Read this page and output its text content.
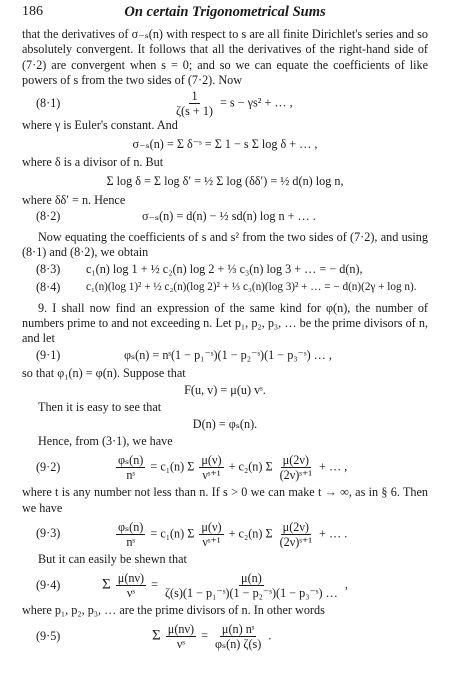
186	On certain Trigonometrical Sums

that the derivatives of σ₋ₛ(n) with respect to s are all finite Dirichlet's series and so absolutely convergent. It follows that all the derivatives of the right-hand side of (7·2) are convergent when s = 0; and so we can equate the coefficients of like powers of s from the two sides of (7·2). Now

(8·1)	$\frac{1}{\zeta(s + 1)} = s - \gamma s^2$ + … ,

where γ is Euler's constant. And

σ₋ₛ(n) = Σ δ⁻ˢ = Σ 1 − s Σ log δ + … ,

where δ is a divisor of n. But

Σ log δ = Σ log δ′ = ½ Σ log (δδ′) = ½ d(n) log n,

where δδ′ = n. Hence

(8·2)	σ₋ₛ(n) = d(n) − ½ sd(n) log n + … .

Now equating the coefficients of s and s² from the two sides of (7·2), and using (8·1) and (8·2), we obtain

(8·3) c₁(n) log 1 + ½ c₂(n) log 2 + ⅓ c₃(n) log 3 + … = − d(n),
(8·4) c₁(n)(log 1)² + ½ c₂(n)(log 2)² + ⅓ c₃(n)(log 3)² + … = − d(n)(2γ + log n).

9. I shall now find an expression of the same kind for φ(n), the number of numbers prime to and not exceeding n. Let p₁, p₂, p₃, … be the prime divisors of n, and let

(9·1)	φₛ(n) = nˢ(1 − p₁⁻ˢ)(1 − p₂⁻ˢ)(1 − p₃⁻ˢ) … ,

so that φ₁(n) = φ(n). Suppose that

F(u, v) = μ(u) vˢ.

Then it is easy to see that

D(n) = φₛ(n).

Hence, from (3·1), we have

(9·2)	$\frac{\text{φₛ(n)}}{\text{nˢ}} = c_1(n)$ Σ $\frac{\mu(\nu)}{\text{νˢ⁺¹}} + c_2(n)$ Σ $\frac{\mu(2\nu)}{\text{(2ν)ˢ⁺¹}}$ + … ,

where t is any number not less than n. If s > 0 we can make t → ∞, as in § 6. Then we have

(9·3)	$\frac{\text{φₛ(n)}}{\text{nˢ}} = c_1(n)$ Σ $\frac{\mu(\nu)}{\text{νˢ⁺¹}} + c_2(n)$ Σ $\frac{\mu(2\nu)}{\text{(2ν)ˢ⁺¹}}$ + … .

But it can easily be shewn that

(9·4)	Σ $\frac{\mu(n\nu)}{\text{νˢ}} = \frac{\mu(n)}{\text{ζ(s)(1 − p₁⁻ˢ)(1 − p₂⁻ˢ)(1 − p₃⁻ˢ) …}}$ ,

where p₁, p₂, p₃, … are the prime divisors of n. In other words

(9·5)	Σ $\frac{\mu(n\nu)}{\text{νˢ}} = \frac{\text{μ(n) nˢ}}{\text{φₛ(n) ζ(s)}}$ .
